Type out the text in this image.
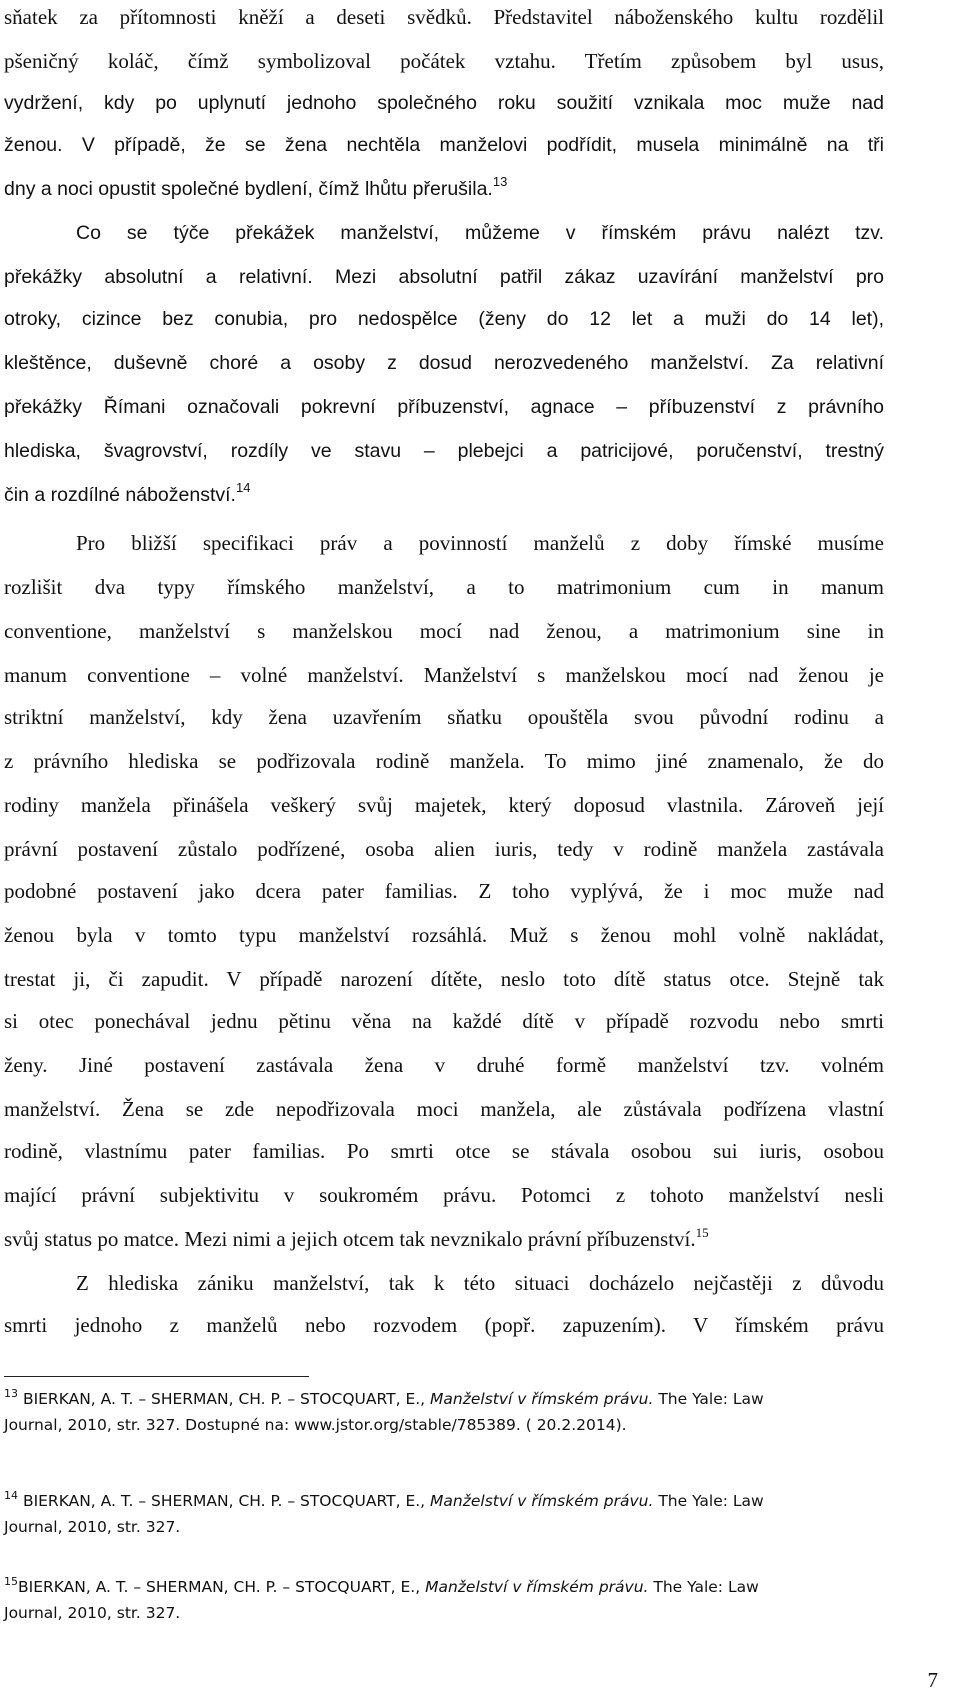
sňatek za přítomnosti kněží a deseti svědků. Představitel náboženského kultu rozdělil
pšeničný koláč, čímž symbolizoval počátek vztahu. Třetím způsobem byl usus,
vydržení, kdy po uplynutí jednoho společného roku soužití vznikala moc muže nad
ženou. V případě, že se žena nechtěla manželovi podřídit, musela minimálně na tři
dny a noci opustit společné bydlení, čímž lhůtu přerušila.$^{13}$
Co se týče překážek manželství, můžeme v římském právu nalézt tzv.
překážky absolutní a relativní. Mezi absolutní patřil zákaz uzavírání manželství pro
otroky, cizince bez conubia, pro nedospělce (ženy do 12 let a muži do 14 let),
kleštěnce, duševně choré a osoby z dosud nerozvedeného manželství. Za relativní
překážky Římani označovali pokrevní příbuzenství, agnace – příbuzenství z právního
hlediska, švagrovství, rozdíly ve stavu – plebejci a patricijové, poručenství, trestný
čin a rozdílné náboženství.$^{14}$
Pro bližší specifikaci práv a povinností manželů z doby římské musíme
rozlišit dva typy římského manželství, a to matrimonium cum in manum
conventione, manželství s manželskou mocí nad ženou, a matrimonium sine in
manum conventione – volné manželství. Manželství s manželskou mocí nad ženou je
striktní manželství, kdy žena uzavřením sňatku opouštěla svou původní rodinu a
z právního hlediska se podřizovala rodině manžela. To mimo jiné znamenalo, že do
rodiny manžela přinášela veškerý svůj majetek, který doposud vlastnila. Zároveň její
právní postavení zůstalo podřízené, osoba alien iuris, tedy v rodině manžela zastávala
podobné postavení jako dcera pater familias. Z toho vyplývá, že i moc muže nad
ženou byla v tomto typu manželství rozsáhlá. Muž s ženou mohl volně nakládat,
trestat ji, či zapudit. V případě narození dítěte, neslo toto dítě status otce. Stejně tak
si otec ponechával jednu pětinu věna na každé dítě v případě rozvodu nebo smrti
ženy. Jiné postavení zastávala žena v druhé formě manželství tzv. volném
manželství. Žena se zde nepodřizovala moci manžela, ale zůstávala podřízena vlastní
rodině, vlastnímu pater familias. Po smrti otce se stávala osobou sui iuris, osobou
mající právní subjektivitu v soukromém právu. Potomci z tohoto manželství nesli
svůj status po matce. Mezi nimi a jejich otcem tak nevznikalo právní příbuzenství.$^{15}$
Z hlediska zániku manželství, tak k této situaci docházelo nejčastěji z důvodu
smrti jednoho z manželů nebo rozvodem (popř. zapuzením). V římském právu
$^{13}$ BIERKAN, A. T. – SHERMAN, CH. P. – STOCQUART, E., Manželství v římském právu. The Yale: Law
Journal, 2010, str. 327. Dostupné na: www.jstor.org/stable/785389. ( 20.2.2014).
$^{14}$ BIERKAN, A. T. – SHERMAN, CH. P. – STOCQUART, E., Manželství v římském právu. The Yale: Law
Journal, 2010, str. 327.
$^{15}$BIERKAN, A. T. – SHERMAN, CH. P. – STOCQUART, E., Manželství v římském právu. The Yale: Law
Journal, 2010, str. 327.
7
